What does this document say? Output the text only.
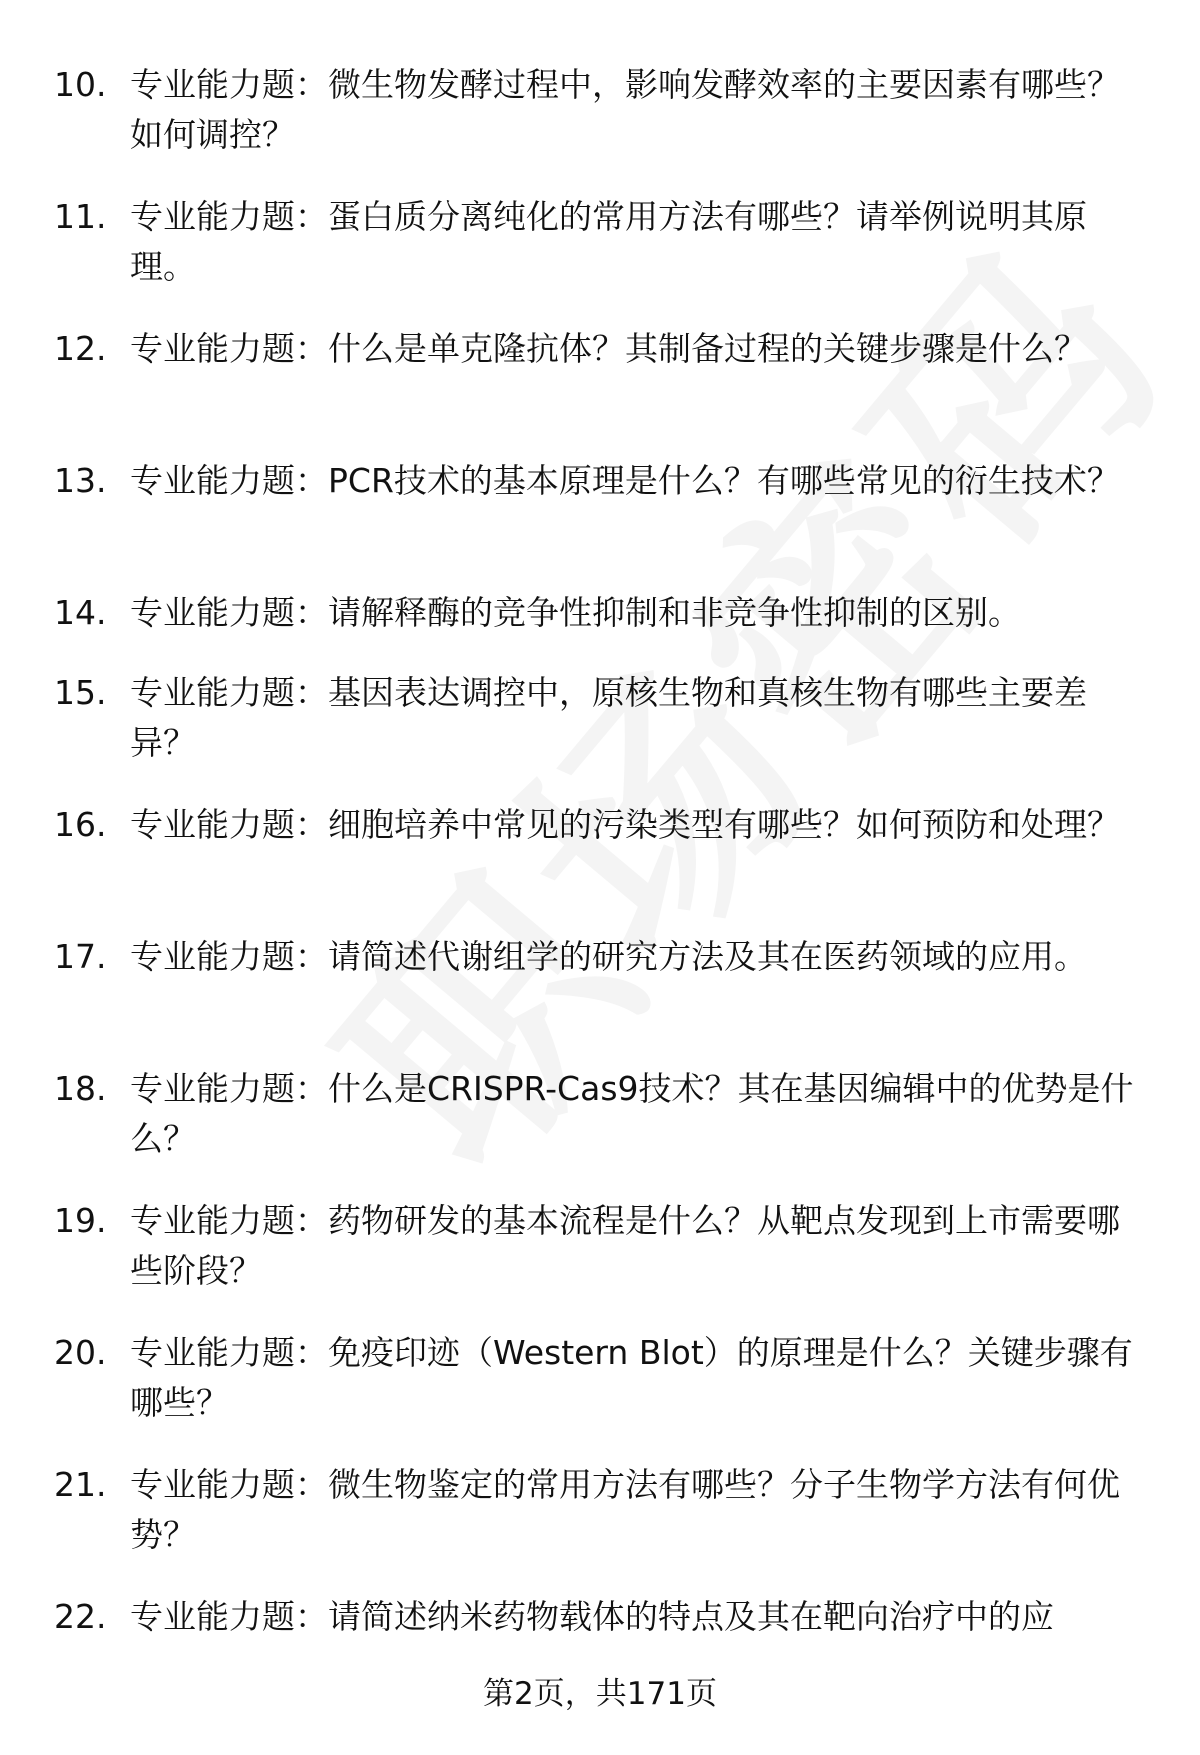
10. 专业能力题：微生物发酵过程中，影响发酵效率的主要因素有哪些？如何调控？
11. 专业能力题：蛋白质分离纯化的常用方法有哪些？请举例说明其原理。
12. 专业能力题：什么是单克隆抗体？其制备过程的关键步骤是什么？
13. 专业能力题：PCR技术的基本原理是什么？有哪些常见的衍生技术？
14. 专业能力题：请解释酶的竞争性抑制和非竞争性抑制的区别。
15. 专业能力题：基因表达调控中，原核生物和真核生物有哪些主要差异？
16. 专业能力题：细胞培养中常见的污染类型有哪些？如何预防和处理？
17. 专业能力题：请简述代谢组学的研究方法及其在医药领域的应用。
18. 专业能力题：什么是CRISPR-Cas9技术？其在基因编辑中的优势是什么？
19. 专业能力题：药物研发的基本流程是什么？从靶点发现到上市需要哪些阶段？
20. 专业能力题：免疫印迹（Western Blot）的原理是什么？关键步骤有哪些？
21. 专业能力题：微生物鉴定的常用方法有哪些？分子生物学方法有何优势？
22. 专业能力题：请简述纳米药物载体的特点及其在靶向治疗中的应
第2页，共171页
